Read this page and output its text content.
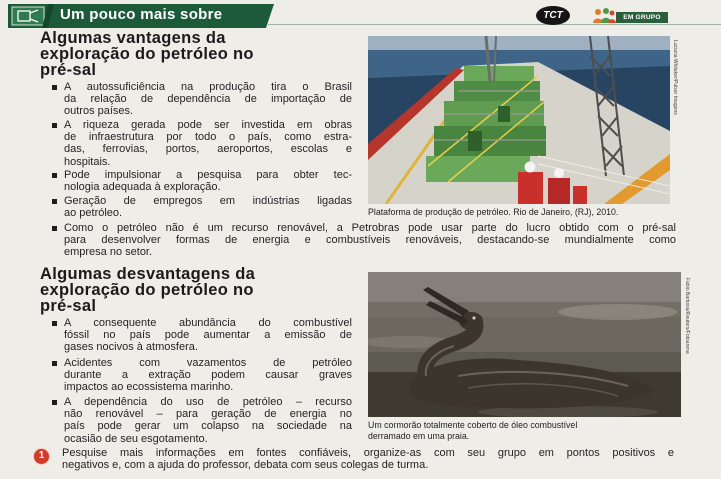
Um pouco mais sobre	TCT	EM GRUPO
Algumas vantagens da
exploração do petróleo no
pré-sal
A autossuficiência na produção tira o Brasil
da relação de dependência de importação de
outros países.
A riqueza gerada pode ser investida em obras
de infraestrutura por todo o país, como estra-
das, ferrovias, portos, aeroportos, escolas e
hospitais.
Pode impulsionar a pesquisa para obter tec-
nologia adequada à exploração.
Geração de empregos em indústrias ligadas
ao petróleo.
Luciana Whitaker/Pulsar Imagens
Plataforma de produção de petróleo. Rio de Janeiro, (RJ), 2010.
Como o petróleo não é um recurso renovável, a Petrobras pode usar parte do lucro obtido com o pré-sal
para desenvolver formas de energia e combustíveis renováveis, destacando-se mundialmente como
empresa no setor.
Algumas desvantagens da
exploração do petróleo no
pré-sal
A consequente abundância do combustível
fóssil no país pode aumentar a emissão de
gases nocivos à atmosfera.
Acidentes com vazamentos de petróleo
durante a extração podem causar graves
impactos ao ecossistema marinho.
A dependência do uso de petróleo – recurso
não renovável – para geração de energia no
país pode gerar um colapso na sociedade na
ocasião de seu esgotamento.
Fabio Barbosa/Reuters/Fotoarena
Um cormorão totalmente coberto de óleo combustível
derramado em uma praia.
1	Pesquise mais informações em fontes confiáveis, organize-as com seu grupo em pontos positivos e
negativos e, com a ajuda do professor, debata com seus colegas de turma.
